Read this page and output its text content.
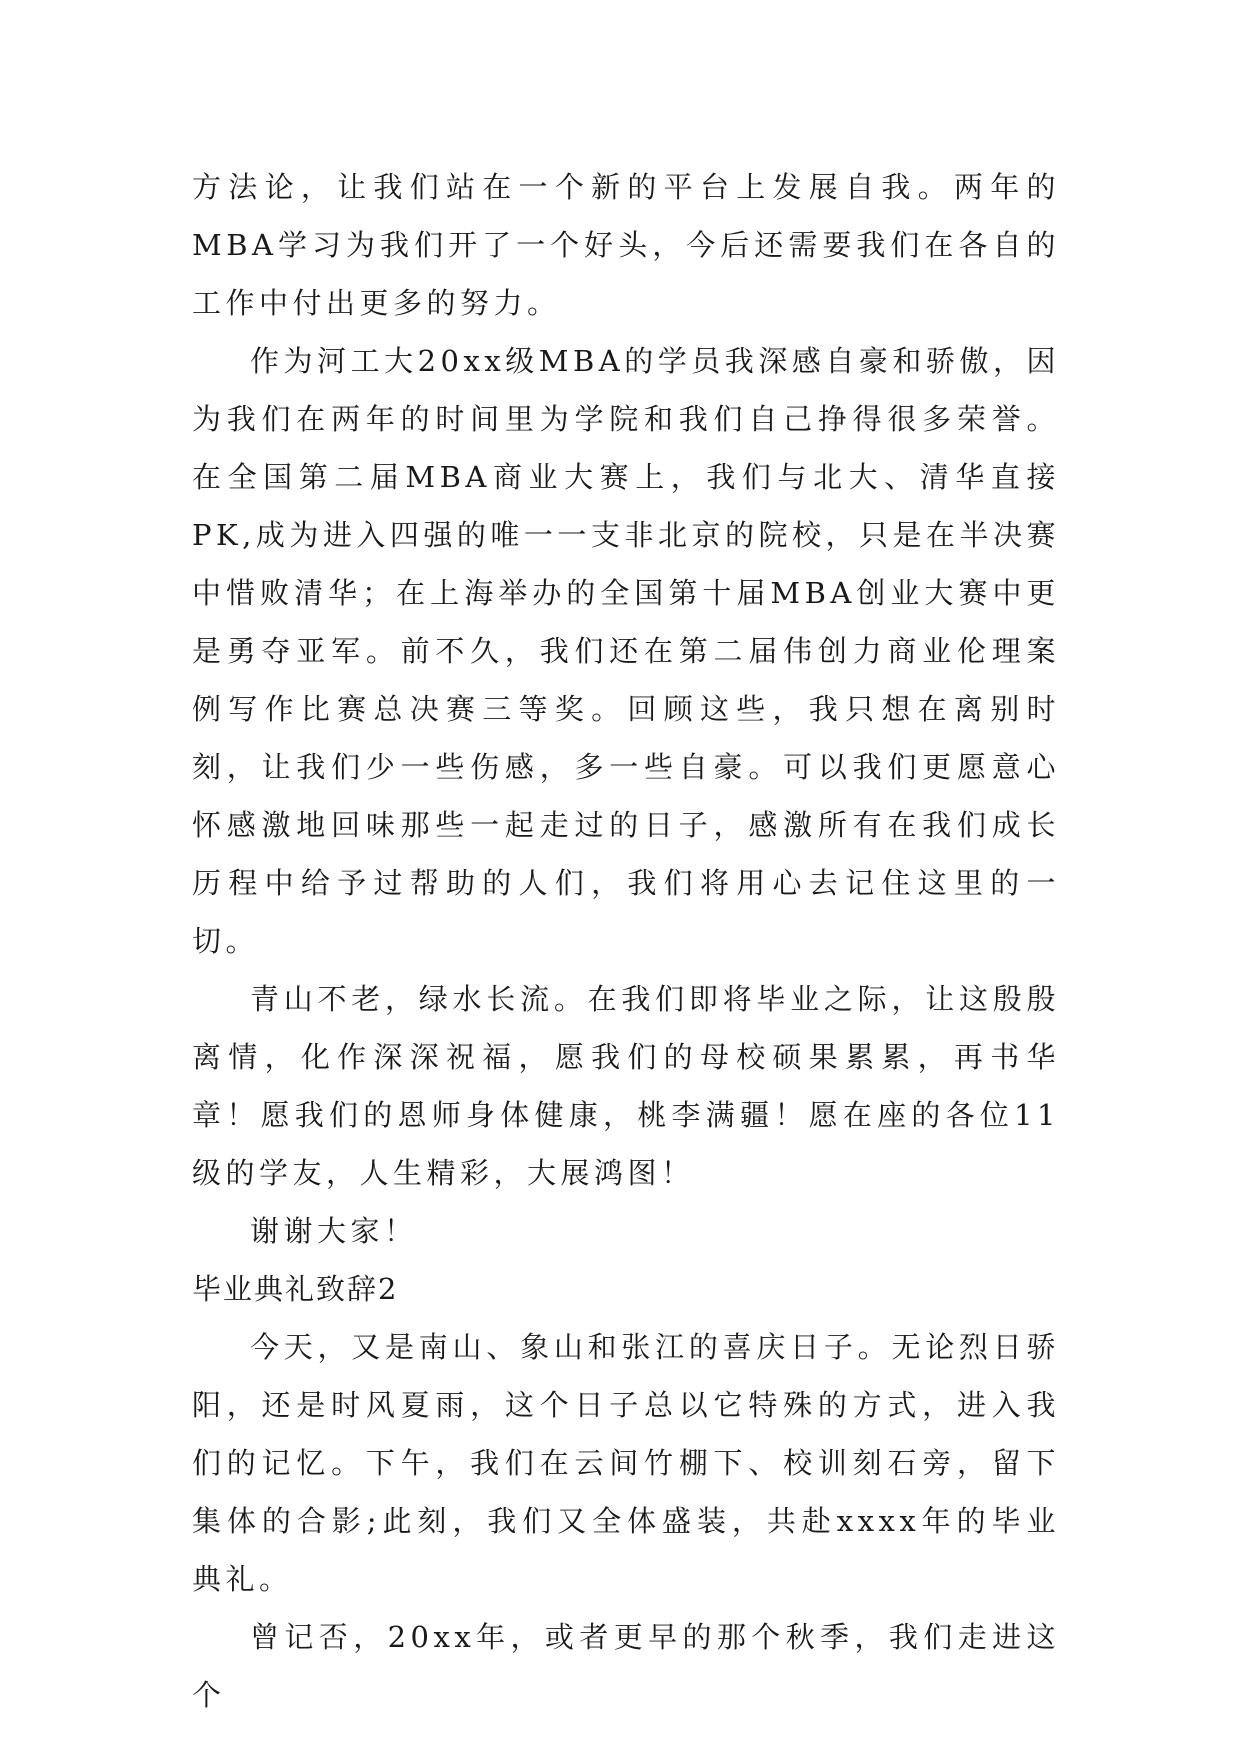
方法论，让我们站在一个新的平台上发展自我。两年的MBA学习为我们开了一个好头，今后还需要我们在各自的工作中付出更多的努力。

作为河工大20xx级MBA的学员我深感自豪和骄傲，因为我们在两年的时间里为学院和我们自己挣得很多荣誉。在全国第二届MBA商业大赛上，我们与北大、清华直接PK,成为进入四强的唯一一支非北京的院校，只是在半决赛中惜败清华；在上海举办的全国第十届MBA创业大赛中更是勇夺亚军。前不久，我们还在第二届伟创力商业伦理案例写作比赛总决赛三等奖。回顾这些，我只想在离别时刻，让我们少一些伤感，多一些自豪。可以我们更愿意心怀感激地回味那些一起走过的日子，感激所有在我们成长历程中给予过帮助的人们，我们将用心去记住这里的一切。

青山不老，绿水长流。在我们即将毕业之际，让这殷殷离情，化作深深祝福，愿我们的母校硕果累累，再书华章！愿我们的恩师身体健康，桃李满疆！愿在座的各位11级的学友，人生精彩，大展鸿图！

谢谢大家！

毕业典礼致辞2

今天，又是南山、象山和张江的喜庆日子。无论烈日骄阳，还是时风夏雨，这个日子总以它特殊的方式，进入我们的记忆。下午，我们在云间竹棚下、校训刻石旁，留下集体的合影;此刻，我们又全体盛装，共赴xxxx年的毕业典礼。

曾记否，20xx年，或者更早的那个秋季，我们走进这个
